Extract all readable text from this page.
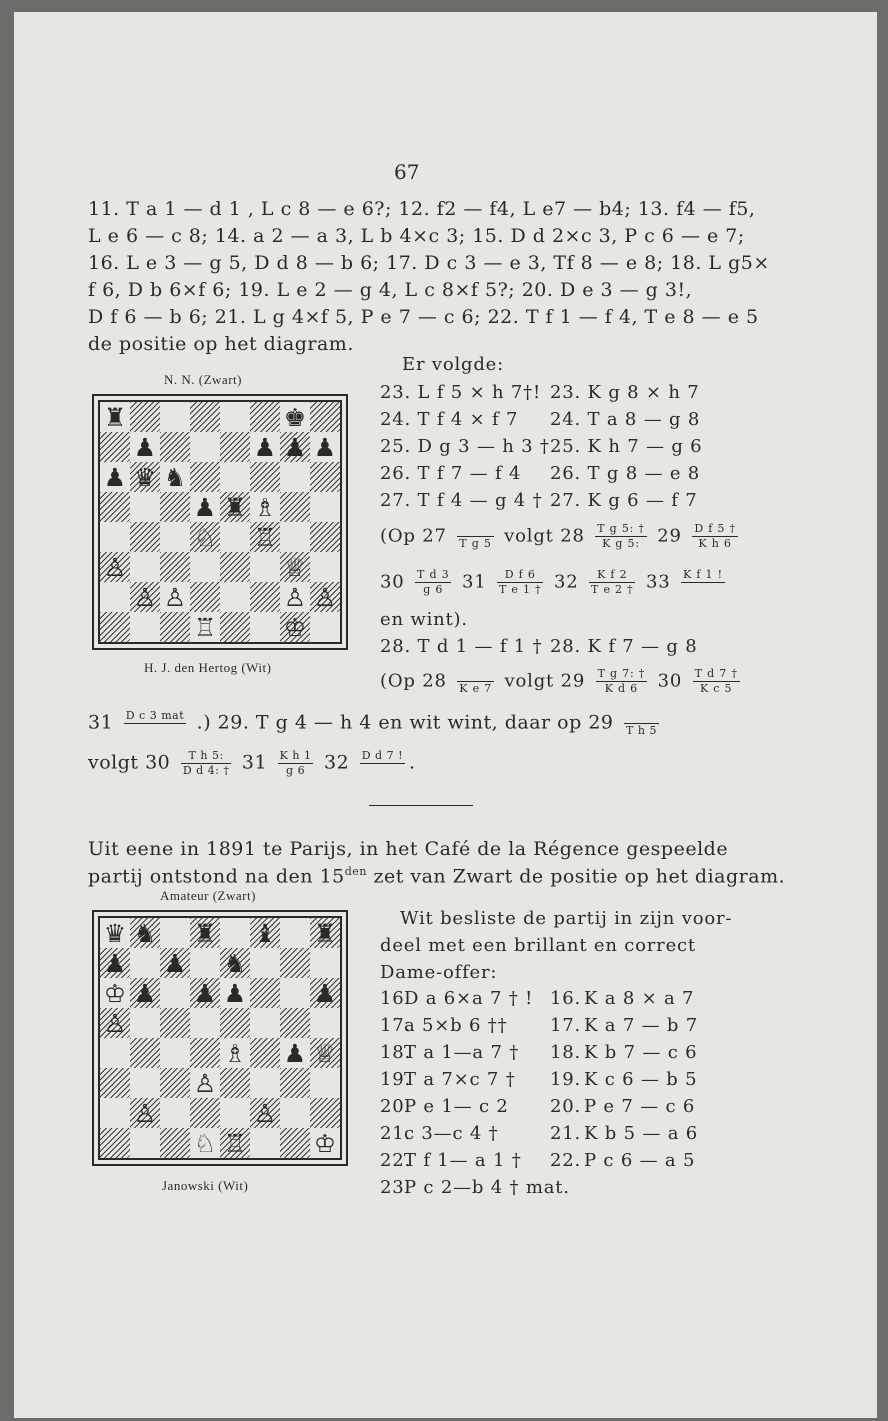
67
11. T a 1 — d 1 , L c 8 — e 6?; 12. f2 — f4, L e7 — b4; 13. f4 — f5,
L e 6 — c 8; 14. a 2 — a 3, L b 4×c 3; 15. D d 2×c 3, P c 6 — e 7;
16. L e 3 — g 5, D d 8 — b 6; 17. D c 3 — e 3, Tf 8 — e 8; 18. L g5×
f 6, D b 6×f 6; 19. L e 2 — g 4, L c 8×f 5?; 20. D e 3 — g 3!,
D f 6 — b 6; 21. L g 4×f 5, P e 7 — c 6; 22. T f 1 — f 4, T e 8 — e 5
de positie op het diagram.
N. N. (Zwart)
♜	♚
♟	♟ ♟ ♟
♟ ♛ ♞
♟ ♜ ♗
♘ ♖
♙	♕
♙ ♙	♙ ♙
♖	♔
H. J. den Hertog (Wit)
Er volgde:
23. L f 5 × h 7†! 23. K g 8 × h 7
24. T f 4 × f 7 24. T a 8 — g 8
25. D g 3 — h 3 † 25. K h 7 — g 6
26. T f 7 — f 4 26. T g 8 — e 8
27. T f 4 — g 4 † 27. K g 6 — f 7
(Op 27 T g 5 volgt $28 \frac{\text{T g 5: †}}{\text{K g 5:}} 29 \frac{\text{D f 5 †}}{\text{K h 6}}$
$30 \frac{\text{T d 3}}{g 6} 31 \frac{\text{D f 6}}{\text{T e 1 †}} 32 \frac{\text{K f 2}}{\text{T e 2 †}} 33$ K f 1 !
en wint).
28. T d 1 — f 1 † 28. K f 7 — g 8
(Op 28 K e 7 volgt $29 \frac{\text{T g 7: †}}{\text{K d 6}} 30 \frac{\text{T d 7 †}}{\text{K c 5}}$
31 D c 3 mat .) 29. T g 4 — h 4 en wit wint, daar op 29 T h 5
volgt $30 \frac{\text{T h 5:}}{\text{D d 4: †}} 31 \frac{\text{K h 1}}{g 6} 32$ D d 7 ! .
Uit eene in 1891 te Parijs, in het Café de la Régence gespeelde
partij ontstond na den $15^{den}$ zet van Zwart de positie op het diagram.
Amateur (Zwart)
♛ ♞ ♜ ♝ ♜
♟ ♟ ♞
♔ ♟ ♟ ♟	♟
♙
♗ ♟ ♕
♙
♙	♙
♘ ♖	♔
Janowski (Wit)
Wit besliste de partij in zijn voor-
deel met een brillant en correct
Dame-offer:
16.
D a 6×a 7 † ! 16. K a 8 × a 7
17.
a 5×b 6 †† 17. K a 7 — b 7
18.
T a 1—a 7 † 18. K b 7 — c 6
19.
T a 7×c 7 † 19. K c 6 — b 5
20.
P e 1— c 2 20. P e 7 — c 6
21.
c 3—c 4 †	21. K b 5 — a 6
22.
T f 1— a 1 † 22. P c 6 — a 5
23.
P c 2—b 4 † mat.
